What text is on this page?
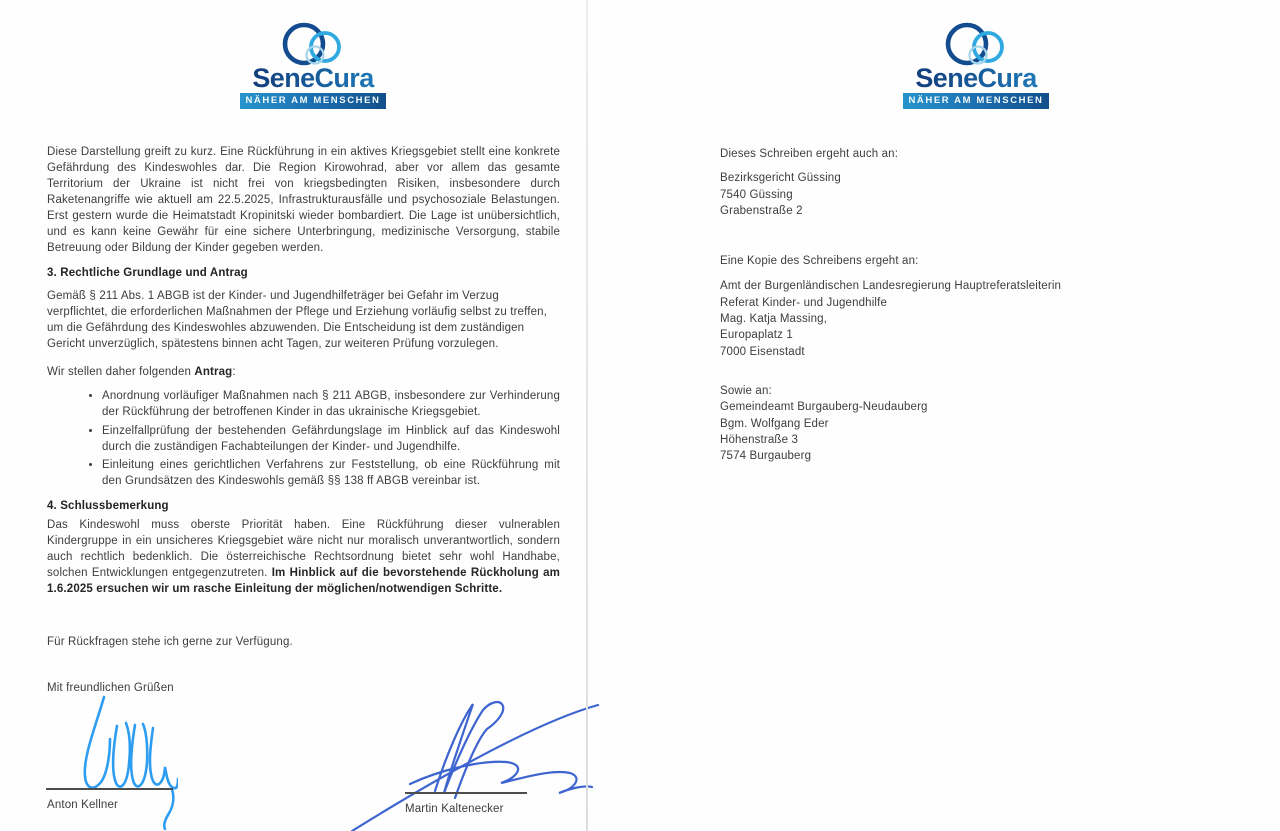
SeneCura
NÄHER AM MENSCHEN

Diese Darstellung greift zu kurz. Eine Rückführung in ein aktives Kriegsgebiet stellt eine konkrete Gefährdung des Kindeswohles dar. Die Region Kirowohrad, aber vor allem das gesamte Territorium der Ukraine ist nicht frei von kriegsbedingten Risiken, insbesondere durch Raketenangriffe wie aktuell am 22.5.2025, Infrastrukturausfälle und psychosoziale Belastungen. Erst gestern wurde die Heimatstadt Kropinitski wieder bombardiert. Die Lage ist unübersichtlich, und es kann keine Gewähr für eine sichere Unterbringung, medizinische Versorgung, stabile Betreuung oder Bildung der Kinder gegeben werden.

3. Rechtliche Grundlage und Antrag

Gemäß § 211 Abs. 1 ABGB ist der Kinder- und Jugendhilfeträger bei Gefahr im Verzug verpflichtet, die erforderlichen Maßnahmen der Pflege und Erziehung vorläufig selbst zu treffen, um die Gefährdung des Kindeswohles abzuwenden. Die Entscheidung ist dem zuständigen Gericht unverzüglich, spätestens binnen acht Tagen, zur weiteren Prüfung vorzulegen.

Wir stellen daher folgenden Antrag:

• Anordnung vorläufiger Maßnahmen nach § 211 ABGB, insbesondere zur Verhinderung der Rückführung der betroffenen Kinder in das ukrainische Kriegsgebiet.
• Einzelfallprüfung der bestehenden Gefährdungslage im Hinblick auf das Kindeswohl durch die zuständigen Fachabteilungen der Kinder- und Jugendhilfe.
• Einleitung eines gerichtlichen Verfahrens zur Feststellung, ob eine Rückführung mit den Grundsätzen des Kindeswohls gemäß §§ 138 ff ABGB vereinbar ist.

4. Schlussbemerkung

Das Kindeswohl muss oberste Priorität haben. Eine Rückführung dieser vulnerablen Kindergruppe in ein unsicheres Kriegsgebiet wäre nicht nur moralisch unverantwortlich, sondern auch rechtlich bedenklich. Die österreichische Rechtsordnung bietet sehr wohl Handhabe, solchen Entwicklungen entgegenzutreten. Im Hinblick auf die bevorstehende Rückholung am 1.6.2025 ersuchen wir um rasche Einleitung der möglichen/notwendigen Schritte.

Für Rückfragen stehe ich gerne zur Verfügung.

Mit freundlichen Grüßen

Anton Kellner	Martin Kaltenecker
SeneCura
NÄHER AM MENSCHEN

Dieses Schreiben ergeht auch an:

Bezirksgericht Güssing

7540 Güssing

Grabenstraße 2

Eine Kopie des Schreibens ergeht an:

Amt der Burgenländischen Landesregierung Hauptreferatsleiterin

Referat Kinder- und Jugendhilfe

Mag. Katja Massing,

Europaplatz 1

7000 Eisenstadt

Sowie an:

Gemeindeamt Burgauberg-Neudauberg

Bgm. Wolfgang Eder

Höhenstraße 3

7574 Burgauberg
